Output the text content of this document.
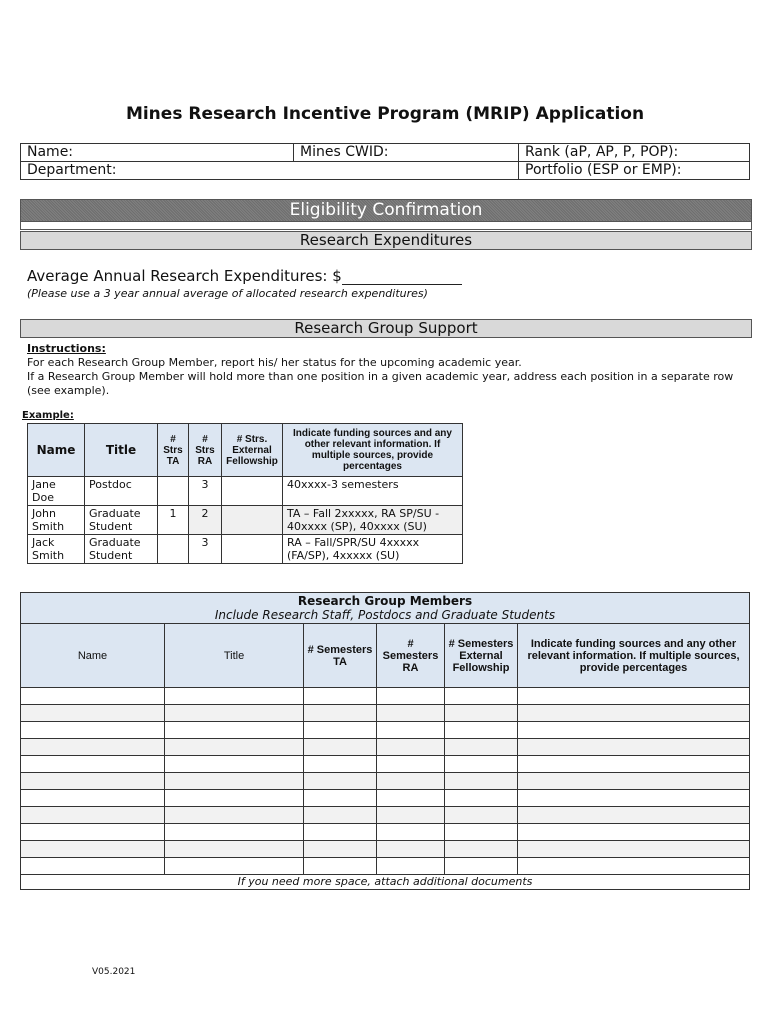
Mines Research Incentive Program (MRIP) Application
Name:	Mines CWID:	Rank (aP, AP, P, POP):
Department:		Portfolio (ESP or EMP):
Eligibility Confirmation
Research Expenditures
Average Annual Research Expenditures: $
(Please use a 3 year annual average of allocated research expenditures)
Research Group Support
Instructions:
For each Research Group Member, report his/ her status for the upcoming academic year.
If a Research Group Member will hold more than one position in a given academic year, address each position in a separate row (see example).
Example:
Name	Title	# Strs TA	# Strs RA	# Strs. External Fellowship	Indicate funding sources and any other relevant information. If multiple sources, provide percentages
Jane Doe	Postdoc		3		40xxxx-3 semesters
John Smith	Graduate Student	1	2		TA – Fall 2xxxxx, RA SP/SU - 40xxxx (SP), 40xxxx (SU)
Jack Smith	Graduate Student		3		RA – Fall/SPR/SU 4xxxxx (FA/SP), 4xxxxx (SU)
Research Group Members
Include Research Staff, Postdocs and Graduate Students					
Name	Title	# Semesters TA	# Semesters RA	# Semesters External Fellowship	Indicate funding sources and any other relevant information. If multiple sources, provide percentages

If you need more space, attach additional documents					
V05.2021
